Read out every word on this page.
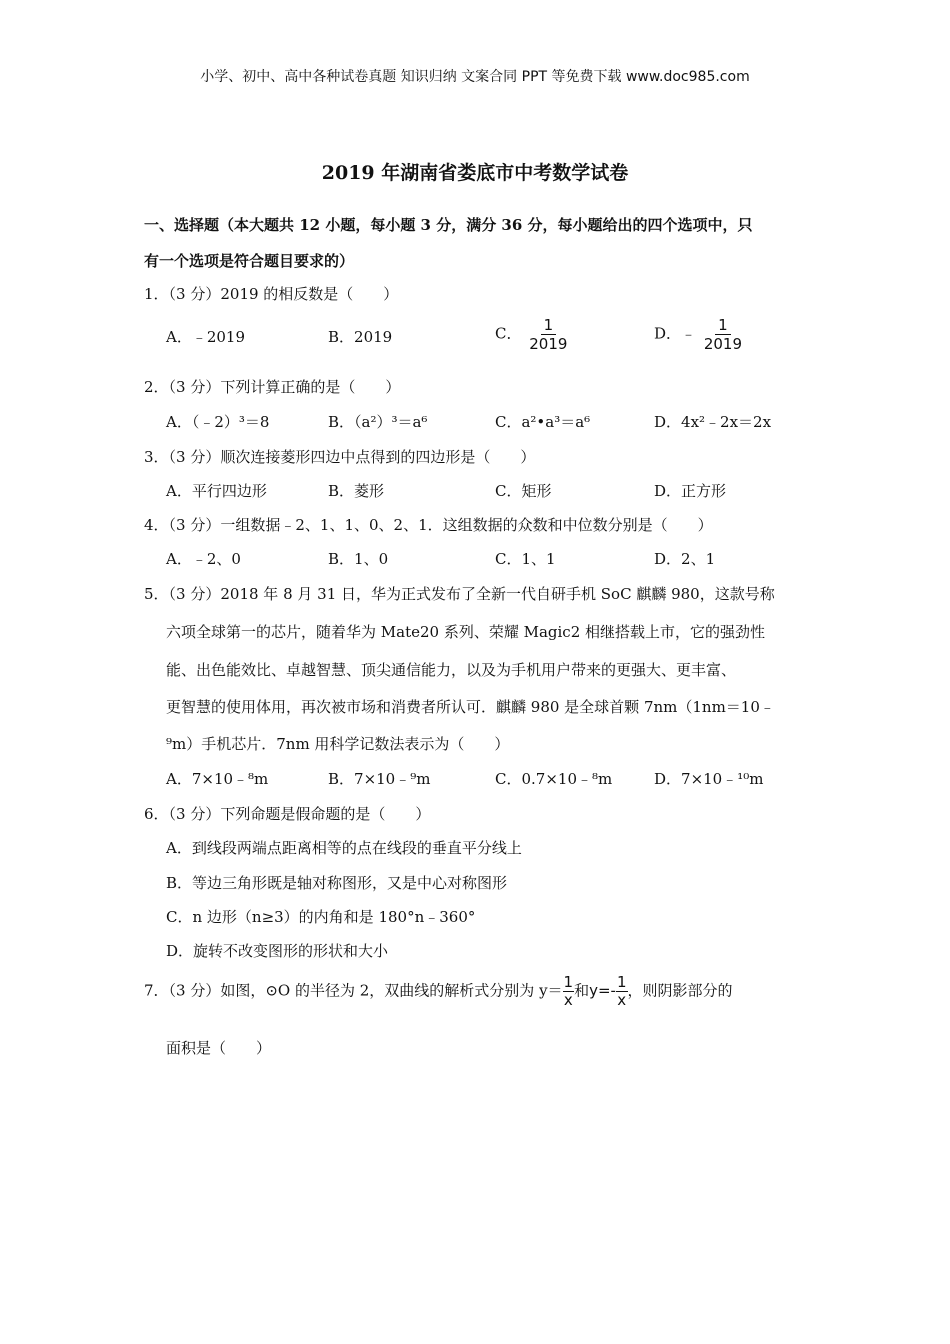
小学、初中、高中各种试卷真题 知识归纳 文案合同 PPT 等免费下载 www.doc985.com
2019 年湖南省娄底市中考数学试卷
一、选择题（本大题共 12 小题，每小题 3 分，满分 36 分，每小题给出的四个选项中，只
有一个选项是符合题目要求的）
1．（3 分）2019 的相反数是（　　）
A．﹣2019	B．2019	C． $\frac{1}{2019}$	D．﹣ $\frac{1}{2019}$
2．（3 分）下列计算正确的是（　　）
A．（﹣2）³＝8	B．（a²）³＝a⁶	C．a²•a³＝a⁶	D．4x²﹣2x＝2x
3．（3 分）顺次连接菱形四边中点得到的四边形是（　　）
A．平行四边形	B．菱形	C．矩形	D．正方形
4．（3 分）一组数据﹣2、1、1、0、2、1．这组数据的众数和中位数分别是（　　）
A．﹣2、0	B．1、0	C．1、1	D．2、1
5．（3 分）2018 年 8 月 31 日，华为正式发布了全新一代自研手机 SoC 麒麟 980，这款号称
六项全球第一的芯片，随着华为 Mate20 系列、荣耀 Magic2 相继搭载上市，它的强劲性
能、出色能效比、卓越智慧、顶尖通信能力，以及为手机用户带来的更强大、更丰富、
更智慧的使用体用，再次被市场和消费者所认可．麒麟 980 是全球首颗 7nm（1nm＝10﹣
⁹m）手机芯片．7nm 用科学记数法表示为（　　）
A．7×10﹣⁸m	B．7×10﹣⁹m	C．0.7×10﹣⁸m	D．7×10﹣¹⁰m
6．（3 分）下列命题是假命题的是（　　）
A．到线段两端点距离相等的点在线段的垂直平分线上
B．等边三角形既是轴对称图形，又是中心对称图形
C．n 边形（n≥3）的内角和是 180°n﹣360°
D．旋转不改变图形的形状和大小
7．（3 分）如图，⊙O 的半径为 2，双曲线的解析式分别为 $y= \frac{1}{x}$ 和$y=- \frac{1}{x}$ ，则阴影部分的
面积是（　　）
